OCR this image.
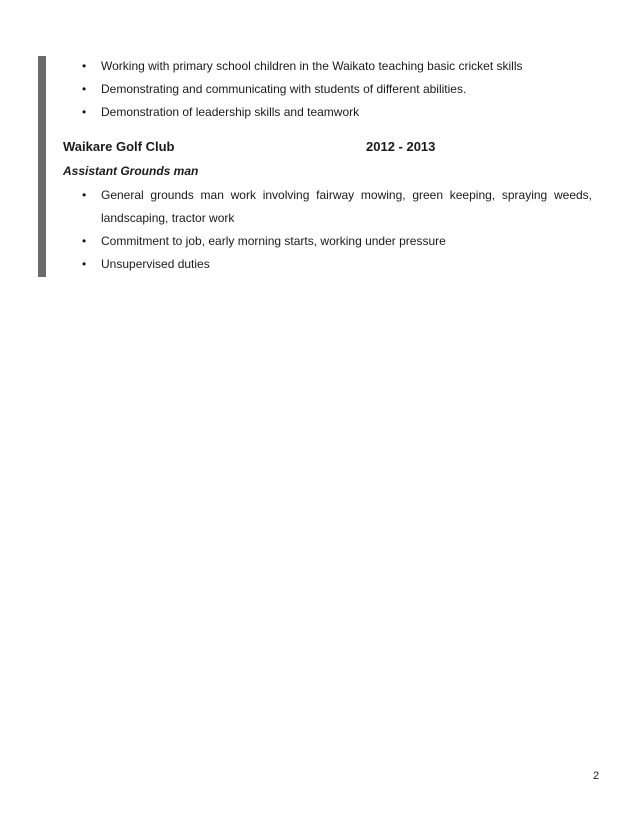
• Working with primary school children in the Waikato teaching basic cricket skills
• Demonstrating and communicating with students of different abilities.
• Demonstration of leadership skills and teamwork
Waikare Golf Club	2012 - 2013
Assistant Grounds man
• General grounds man work involving fairway mowing, green keeping, spraying weeds,
landscaping, tractor work
• Commitment to job, early morning starts, working under pressure
• Unsupervised duties
2
